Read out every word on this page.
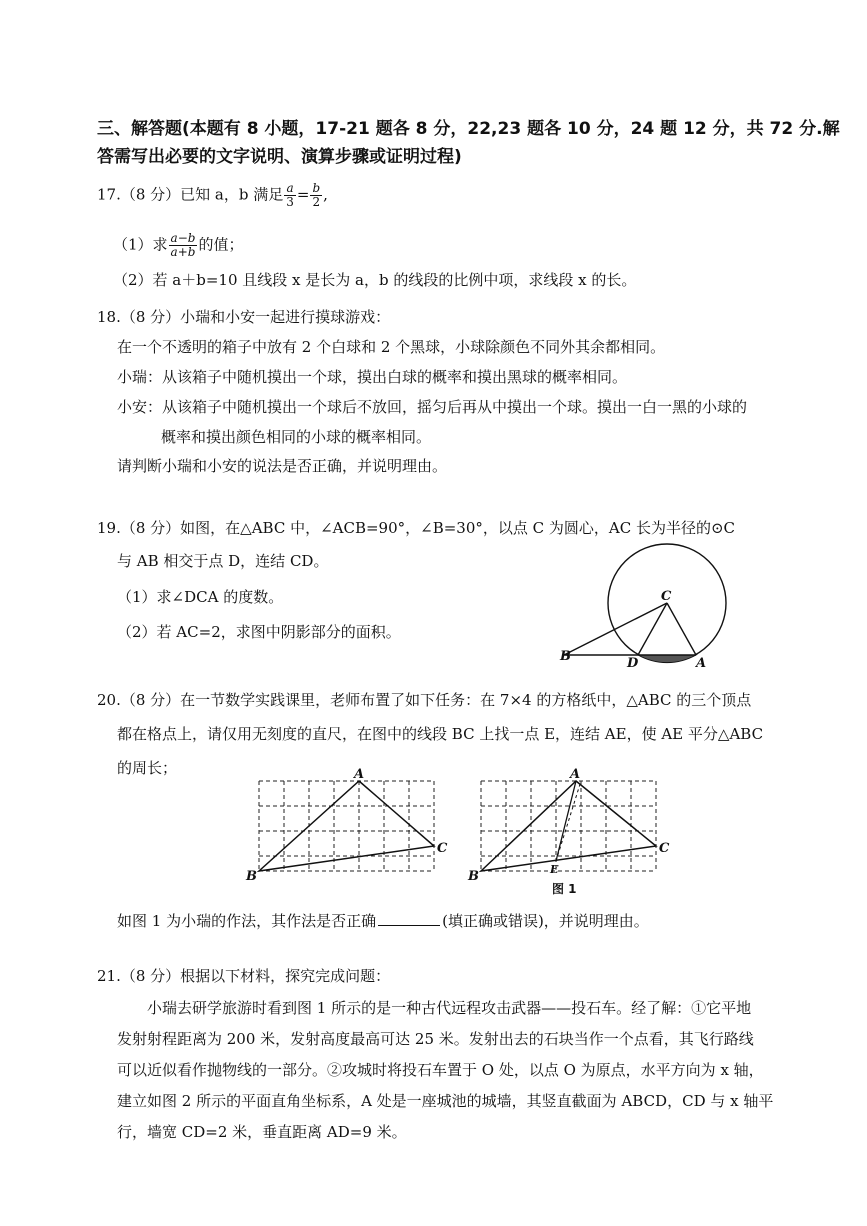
三、解答题(本题有 8 小题，17-21 题各 8 分，22,23 题各 10 分，24 题 12 分，共 72 分.解
答需写出必要的文字说明、演算步骤或证明过程)
17.（8 分）已知 a，b 满足 $\frac{a}{3} = \frac{b}{2}$ ,
（1）求 $\frac{a-b}{a+b}$ 的值；
（2）若 a＋b=10 且线段 x 是长为 a，b 的线段的比例中项，求线段 x 的长。
18.（8 分）小瑞和小安一起进行摸球游戏：
在一个不透明的箱子中放有 2 个白球和 2 个黑球，小球除颜色不同外其余都相同。
小瑞：从该箱子中随机摸出一个球，摸出白球的概率和摸出黑球的概率相同。
小安：从该箱子中随机摸出一个球后不放回，摇匀后再从中摸出一个球。摸出一白一黑的小球的
概率和摸出颜色相同的小球的概率相同。
请判断小瑞和小安的说法是否正确，并说明理由。
19.（8 分）如图，在△ABC 中，∠ACB=90°，∠B=30°，以点 C 为圆心，AC 长为半径的⊙C
与 AB 相交于点 D，连结 CD。
（1）求∠DCA 的度数。
（2）若 AC=2，求图中阴影部分的面积。
C
B	D	A
20.（8 分）在一节数学实践课里，老师布置了如下任务：在 7×4 的方格纸中，△ABC 的三个顶点
都在格点上，请仅用无刻度的直尺，在图中的线段 BC 上找一点 E，连结 AE，使 AE 平分△ABC
的周长；	A
C
B
A
C
B	E
图 1
如图 1 为小瑞的作法，其作法是否正确	(填正确或错误)，并说明理由。
21.（8 分）根据以下材料，探究完成问题：
小瑞去研学旅游时看到图 1 所示的是一种古代远程攻击武器——投石车。经了解：①它平地
发射射程距离为 200 米，发射高度最高可达 25 米。发射出去的石块当作一个点看，其飞行路线
可以近似看作抛物线的一部分。②攻城时将投石车置于 O 处，以点 O 为原点，水平方向为 x 轴，
建立如图 2 所示的平面直角坐标系，A 处是一座城池的城墙，其竖直截面为 ABCD，CD 与 x 轴平
行，墙宽 CD=2 米，垂直距离 AD=9 米。
